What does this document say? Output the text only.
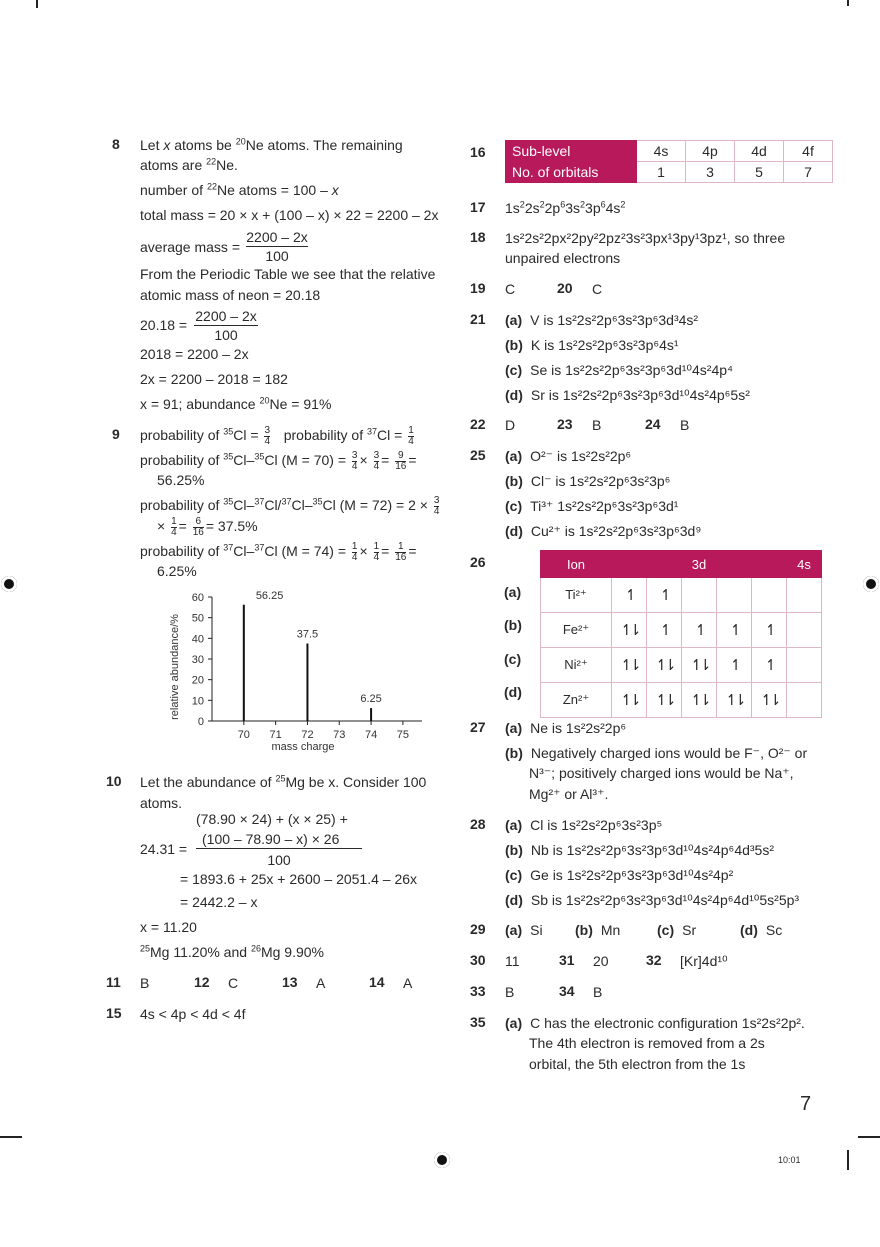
8 Let x atoms be $^{20}$Ne atoms. The remaining
atoms are $^{22}$Ne.
number of $^{22}$Ne atoms = 100 – x
total mass = 20 × x + (100 – x) × 22 = 2200 – 2x
average mass =
2200 – 2x
100
From the Periodic Table we see that the relative
atomic mass of neon = 20.18
20.18 =
2200 – 2x
100
2018 = 2200 – 2x
2x = 2200 – 2018 = 182
x = 91; abundance $^{20}$Ne = 91%
9 probability of $^{35}Cl = \frac{3}{4}$ probability of $^{37}Cl = \frac{1}{4}$
probability of $^{35}$Cl–$^{35}$Cl $(M = 70) = \frac{3}{4} \times \frac{3}{4} = \frac{9}{16}$ =
56.25%
probability of $^{35}$Cl–$^{37}$Cl/$^{37}$Cl–$^{35}$Cl $(M = 72) = 2 \times \frac{3}{4}$
× $\frac{1}{4} = \frac{6}{16} = 37.5\%$
probability of $^{37}$Cl–$^{37}$Cl $(M = 74) = \frac{1}{4} \times \frac{1}{4} = \frac{1}{16}$ =
6.25%
0
10
20
30
40
50
60
70 71 72 73 74 75
56.25
37.5
6.25
mass charge
relative abundance/%
10 Let the abundance of $^{25}$Mg be x. Consider 100
atoms.
(78.90 × 24) + (x × 25) +
(100 – 78.90 – x) × 26
24.31 =
100
= 1893.6 + 25x + 2600 – 2051.4 – 26x
= 2442.2 – x
x = 11.20
$^{25}$Mg 11.20% and $^{26}$Mg 9.90%
11 B	12 C	13 A	14 A
15 4s < 4p < 4d < 4f
16 Sub-level	4s	4p	4d	4f
No. of orbitals	1	3	5	7
17 $1s^22s^22p^63s^23p^64s^2$
18 1s²2s²2px²2py²2pz²3s²3px¹3py¹3pz¹, so three
unpaired electrons
19 C	20 C
21 (a) V is 1s²2s²2p⁶3s²3p⁶3d³4s²
(b) K is 1s²2s²2p⁶3s²3p⁶4s¹
(c) Se is 1s²2s²2p⁶3s²3p⁶3d¹⁰4s²4p⁴
(d) Sr is 1s²2s²2p⁶3s²3p⁶3d¹⁰4s²4p⁶5s²
22 D	23 B	24 B
25 (a) O²⁻ is 1s²2s²2p⁶
(b) Cl⁻ is 1s²2s²2p⁶3s²3p⁶
(c) Ti³⁺ 1s²2s²2p⁶3s²3p⁶3d¹
(d) Cu²⁺ is 1s²2s²2p⁶3s²3p⁶3d⁹
26
(a)
(b)
(c)
(d)
Ion	3d					4s
Ti²⁺	↿	↿				
Fe²⁺	↿⇂	↿	↿	↿	↿	
Ni²⁺	↿⇂	↿⇂	↿⇂	↿	↿	
Zn²⁺	↿⇂	↿⇂	↿⇂	↿⇂	↿⇂	
27 (a) Ne is 1s²2s²2p⁶
(b) Negatively charged ions would be F⁻, O²⁻ or
N³⁻; positively charged ions would be Na⁺,
Mg²⁺ or Al³⁺.
28 (a) Cl is 1s²2s²2p⁶3s²3p⁵
(b) Nb is 1s²2s²2p⁶3s²3p⁶3d¹⁰4s²4p⁶4d³5s²
(c) Ge is 1s²2s²2p⁶3s²3p⁶3d¹⁰4s²4p²
(d) Sb is 1s²2s²2p⁶3s²3p⁶3d¹⁰4s²4p⁶4d¹⁰5s²5p³
29 (a) Si (b) Mn	(c) Sr	(d) Sc
30 11	31 20	32 [Kr]4d¹⁰
33 B	34 B
35 (a) C has the electronic configuration 1s²2s²2p².
The 4th electron is removed from a 2s
orbital, the 5th electron from the 1s
7
10:01
